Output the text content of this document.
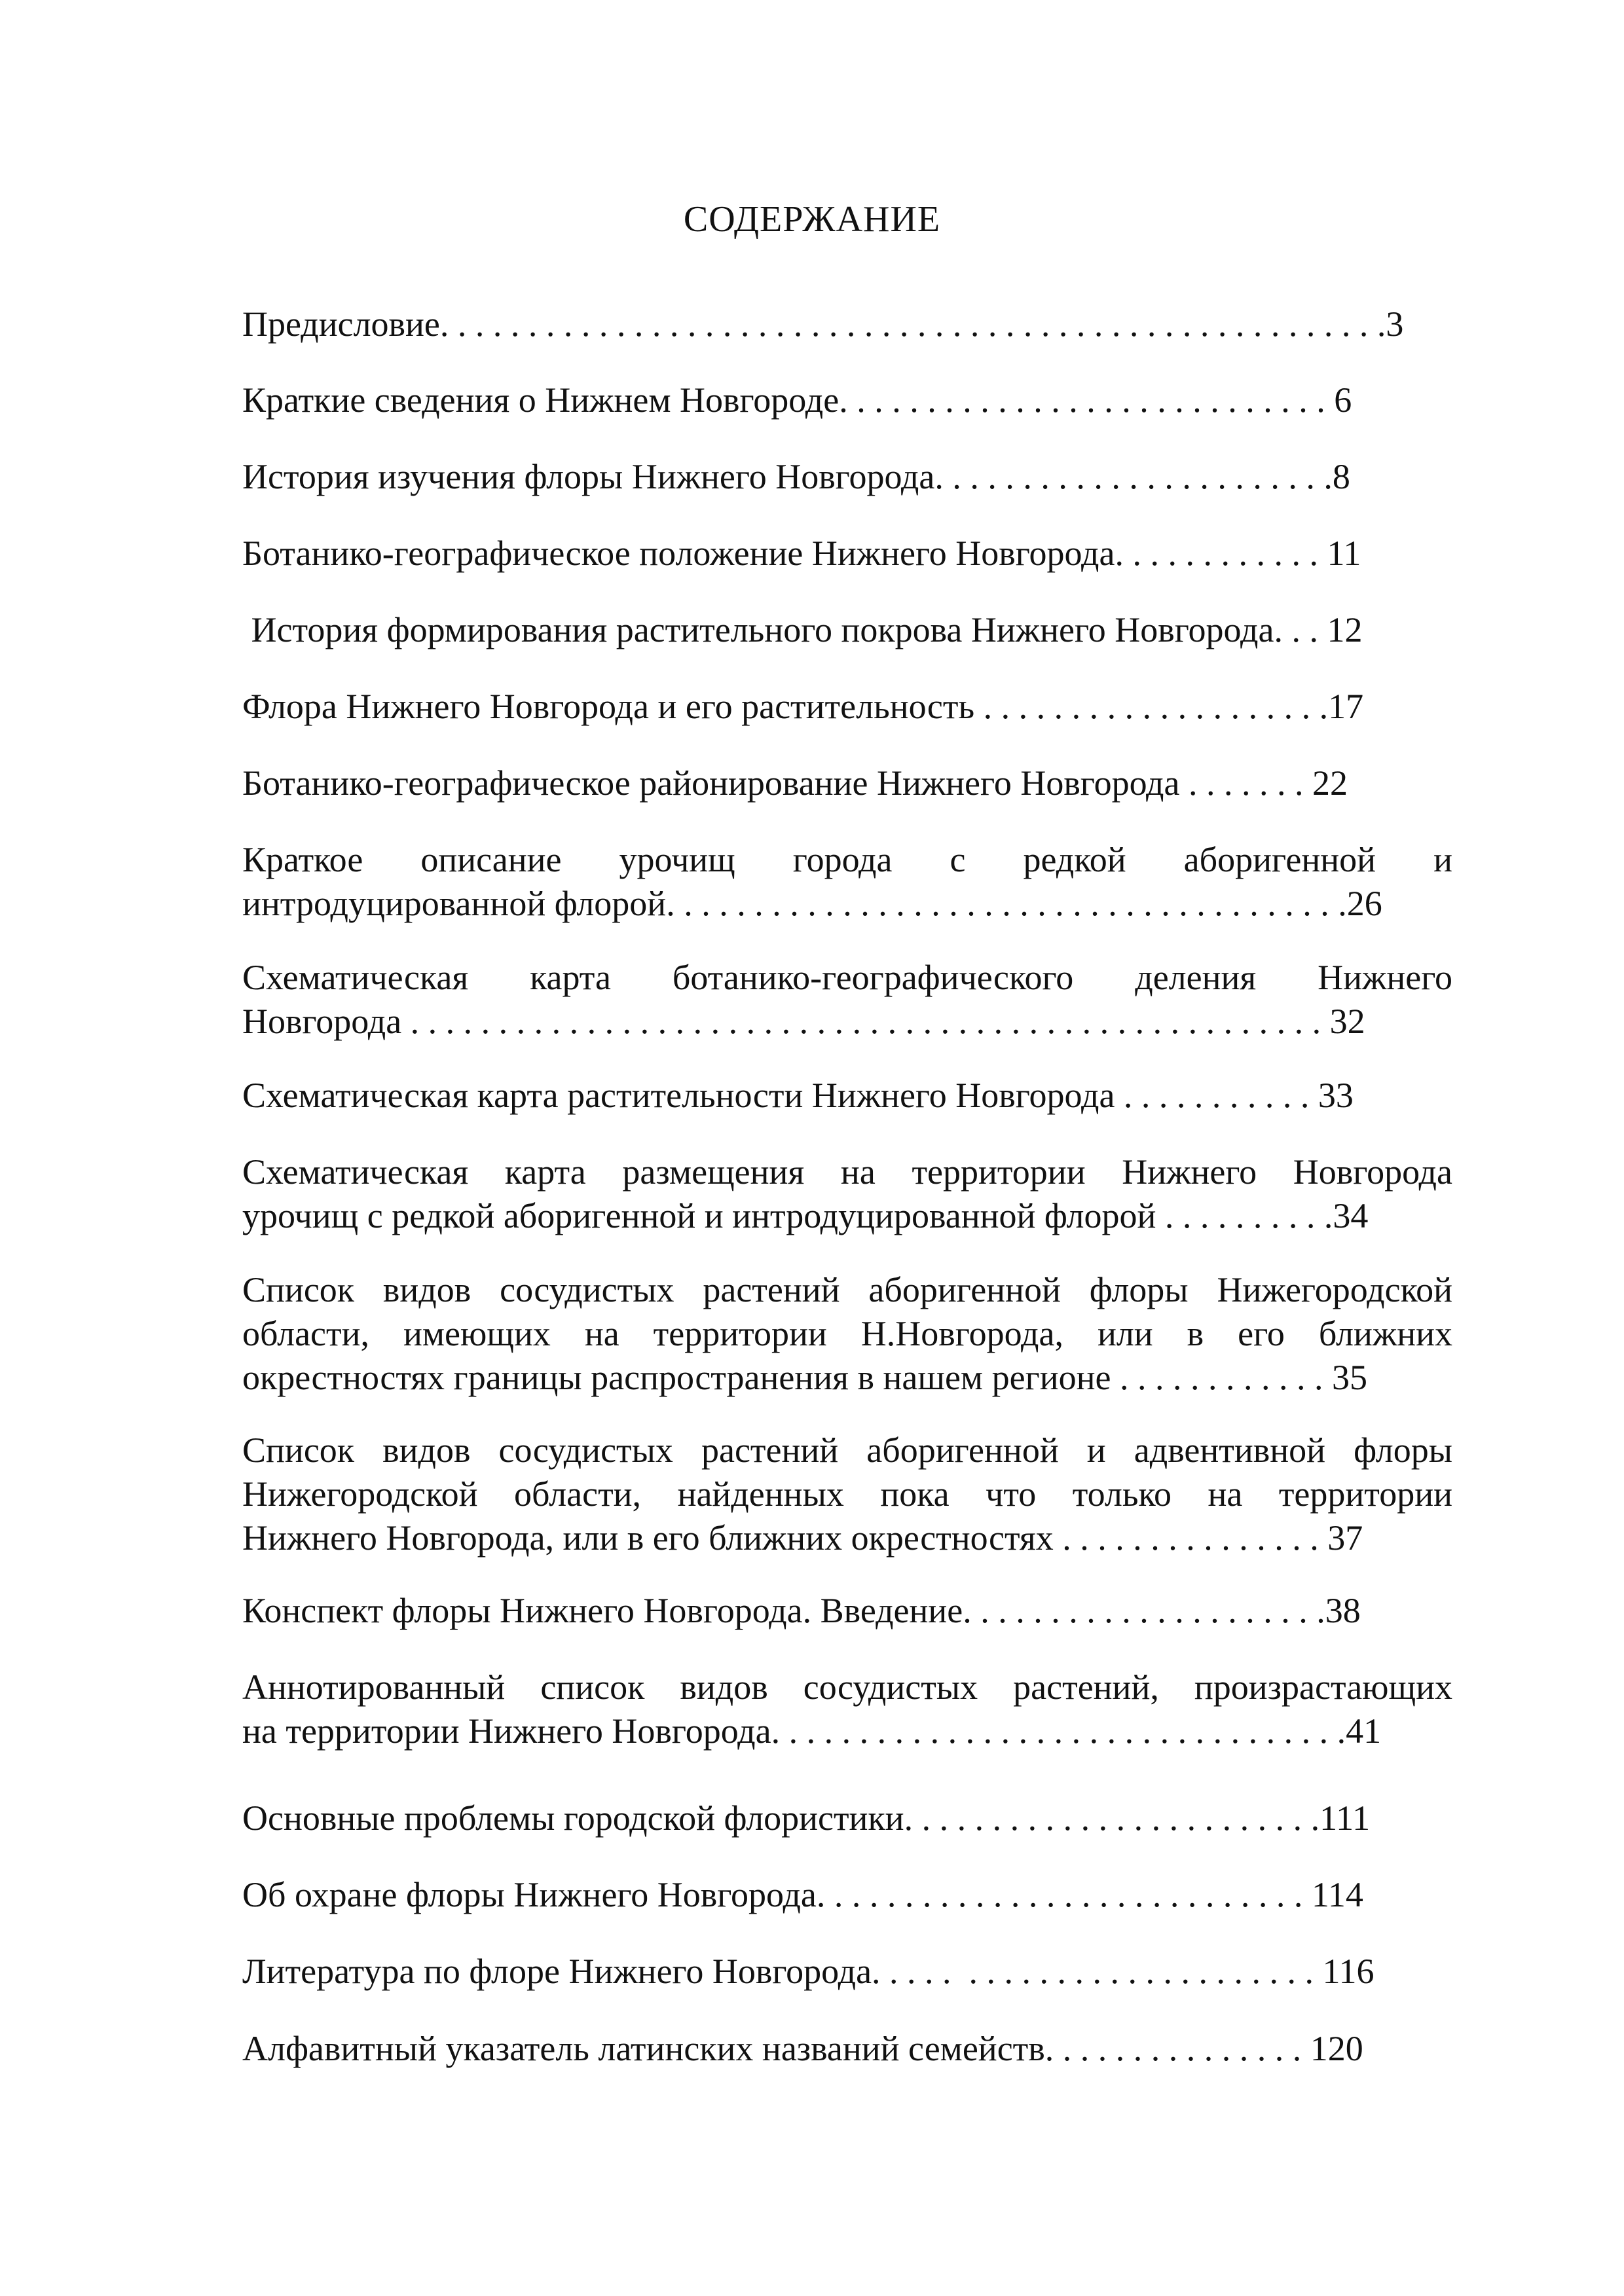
СОДЕРЖАНИЕ
Предисловие. . . . . . . . . . . . . . . . . . . . . . . . . . . . . . . . . . . . . . . . . . . . . . . . . . . . . .3
Краткие сведения о Нижнем Новгороде. . . . . . . . . . . . . . . . . . . . . . . . . . . . 6
История изучения флоры Нижнего Новгорода. . . . . . . . . . . . . . . . . . . . . . .8
Ботанико-географическое положение Нижнего Новгорода. . . . . . . . . . . . 11
История формирования растительного покрова Нижнего Новгорода. . . 12
Флора Нижнего Новгорода и его растительность . . . . . . . . . . . . . . . . . . . .17
Ботанико-географическое районирование Нижнего Новгорода . . . . . . . 22
Краткое описание урочищ города с редкой аборигенной и
интродуцированной флорой. . . . . . . . . . . . . . . . . . . . . . . . . . . . . . . . . . . . . . .26
Схематическая карта ботанико-географического деления Нижнего
Новгорода . . . . . . . . . . . . . . . . . . . . . . . . . . . . . . . . . . . . . . . . . . . . . . . . . . . . 32
Схематическая карта растительности Нижнего Новгорода . . . . . . . . . . . 33
Схематическая карта размещения на территории Нижнего Новгорода
урочищ с редкой аборигенной и интродуцированной флорой . . . . . . . . . .34
Список видов сосудистых растений аборигенной флоры Нижегородской
области, имеющих на территории Н.Новгорода, или в его ближних
окрестностях границы распространения в нашем регионе . . . . . . . . . . . . 35
Список видов сосудистых растений аборигенной и адвентивной флоры
Нижегородской области, найденных пока что только на территории
Нижнего Новгорода, или в его ближних окрестностях . . . . . . . . . . . . . . . 37
Конспект флоры Нижнего Новгорода. Введение. . . . . . . . . . . . . . . . . . . . .38
Аннотированный список видов сосудистых растений, произрастающих
на территории Нижнего Новгорода. . . . . . . . . . . . . . . . . . . . . . . . . . . . . . . . .41
Основные проблемы городской флористики. . . . . . . . . . . . . . . . . . . . . . . .111
Об охране флоры Нижнего Новгорода. . . . . . . . . . . . . . . . . . . . . . . . . . . . 114
Литература по флоре Нижнего Новгорода. . . . .  . . . . . . . . . . . . . . . . . . . . 116
Алфавитный указатель латинских названий семейств. . . . . . . . . . . . . . . 120
